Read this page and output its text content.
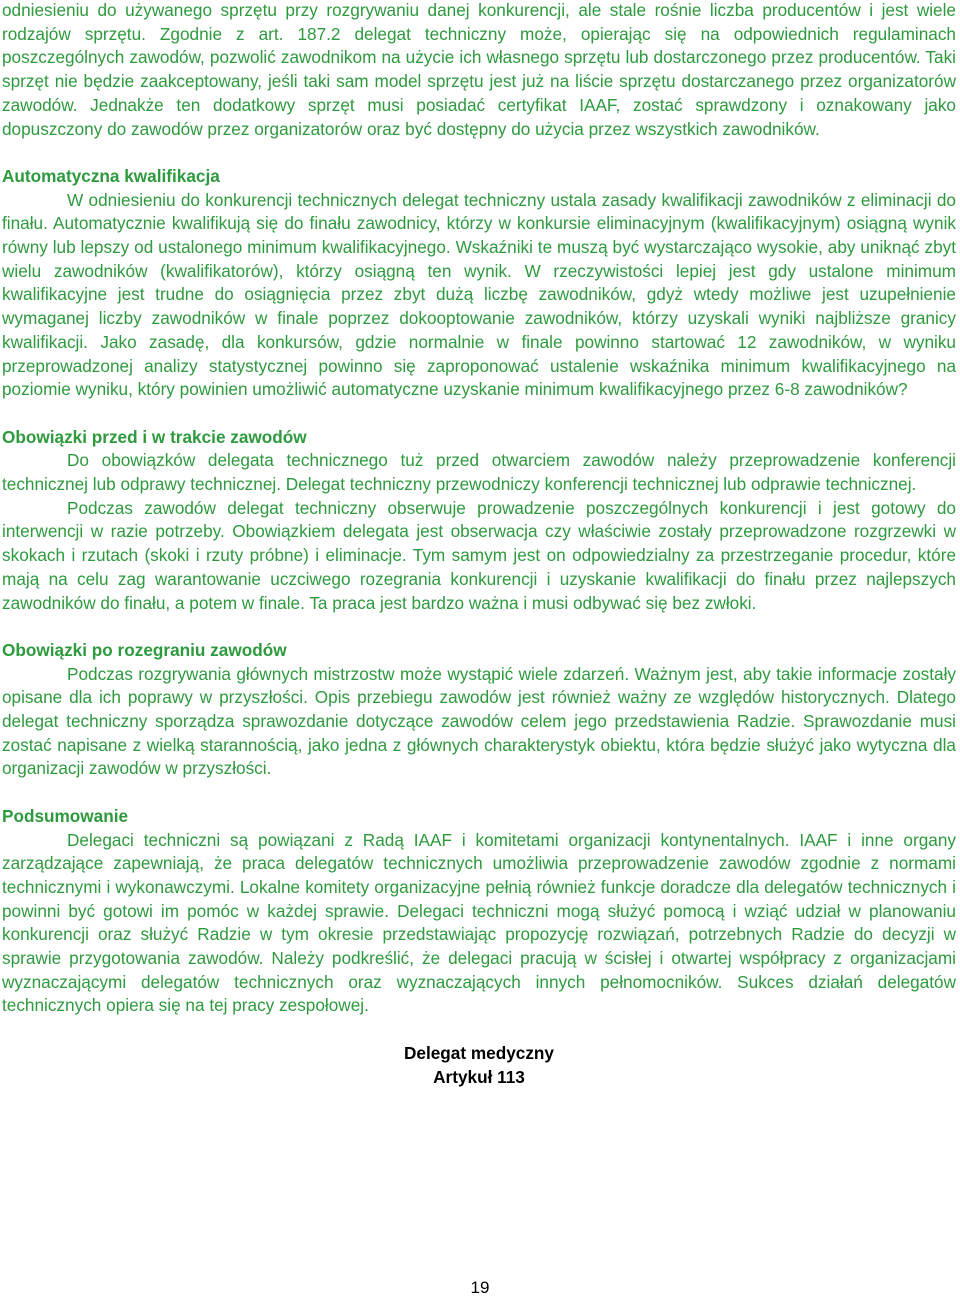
odniesieniu do używanego sprzętu przy rozgrywaniu danej konkurencji, ale stale rośnie liczba producentów i jest wiele rodzajów sprzętu. Zgodnie z art. 187.2 delegat techniczny może, opierając się na odpowiednich regulaminach poszczególnych zawodów, pozwolić zawodnikom na użycie ich własnego sprzętu lub dostarczonego przez producentów. Taki sprzęt nie będzie zaakceptowany, jeśli taki sam model sprzętu jest już na liście sprzętu dostarczanego przez organizatorów zawodów. Jednakże ten dodatkowy sprzęt musi posiadać certyfikat IAAF, zostać sprawdzony i oznakowany jako dopuszczony do zawodów przez organizatorów oraz być dostępny do użycia przez wszystkich zawodników.

Automatyczna kwalifikacja

W odniesieniu do konkurencji technicznych delegat techniczny ustala zasady kwalifikacji zawodników z eliminacji do finału. Automatycznie kwalifikują się do finału zawodnicy, którzy w konkursie eliminacyjnym (kwalifikacyjnym) osiągną wynik równy lub lepszy od ustalonego minimum kwalifikacyjnego. Wskaźniki te muszą być wystarczająco wysokie, aby uniknąć zbyt wielu zawodników (kwalifikatorów), którzy osiągną ten wynik. W rzeczywistości lepiej jest gdy ustalone minimum kwalifikacyjne jest trudne do osiągnięcia przez zbyt dużą liczbę zawodników, gdyż wtedy możliwe jest uzupełnienie wymaganej liczby zawodników w finale poprzez dokooptowanie zawodników, którzy uzyskali wyniki najbliższe granicy kwalifikacji. Jako zasadę, dla konkursów, gdzie normalnie w finale powinno startować 12 zawodników, w wyniku przeprowadzonej analizy statystycznej powinno się zaproponować ustalenie wskaźnika minimum kwalifikacyjnego na poziomie wyniku, który powinien umożliwić automatyczne uzyskanie minimum kwalifikacyjnego przez 6-8 zawodników?

Obowiązki przed i w trakcie zawodów

Do obowiązków delegata technicznego tuż przed otwarciem zawodów należy przeprowadzenie konferencji technicznej lub odprawy technicznej. Delegat techniczny przewodniczy konferencji technicznej lub odprawie technicznej.

Podczas zawodów delegat techniczny obserwuje prowadzenie poszczególnych konkurencji i jest gotowy do interwencji w razie potrzeby. Obowiązkiem delegata jest obserwacja czy właściwie zostały przeprowadzone rozgrzewki w skokach i rzutach (skoki i rzuty próbne) i eliminacje. Tym samym jest on odpowiedzialny za przestrzeganie procedur, które mają na celu zag warantowanie uczciwego rozegrania konkurencji i uzyskanie kwalifikacji do finału przez najlepszych zawodników do finału, a potem w finale. Ta praca jest bardzo ważna i musi odbywać się bez zwłoki.

Obowiązki po rozegraniu zawodów

Podczas rozgrywania głównych mistrzostw może wystąpić wiele zdarzeń. Ważnym jest, aby takie informacje zostały opisane dla ich poprawy w przyszłości. Opis przebiegu zawodów jest również ważny ze względów historycznych. Dlatego delegat techniczny sporządza sprawozdanie dotyczące zawodów celem jego przedstawienia Radzie. Sprawozdanie musi zostać napisane z wielką starannością, jako jedna z głównych charakterystyk obiektu, która będzie służyć jako wytyczna dla organizacji zawodów w przyszłości.

Podsumowanie

Delegaci techniczni są powiązani z Radą IAAF i komitetami organizacji kontynentalnych. IAAF i inne organy zarządzające zapewniają, że praca delegatów technicznych umożliwia przeprowadzenie zawodów zgodnie z normami technicznymi i wykonawczymi. Lokalne komitety organizacyjne pełnią również funkcje doradcze dla delegatów technicznych i powinni być gotowi im pomóc w każdej sprawie. Delegaci techniczni mogą służyć pomocą i wziąć udział w planowaniu konkurencji oraz służyć Radzie w tym okresie przedstawiając propozycję rozwiązań, potrzebnych Radzie do decyzji w sprawie przygotowania zawodów. Należy podkreślić, że delegaci pracują w ścisłej i otwartej współpracy z organizacjami wyznaczającymi delegatów technicznych oraz wyznaczających innych pełnomocników. Sukces działań delegatów technicznych opiera się na tej pracy zespołowej.

Delegat medyczny

Artykuł 113

19
